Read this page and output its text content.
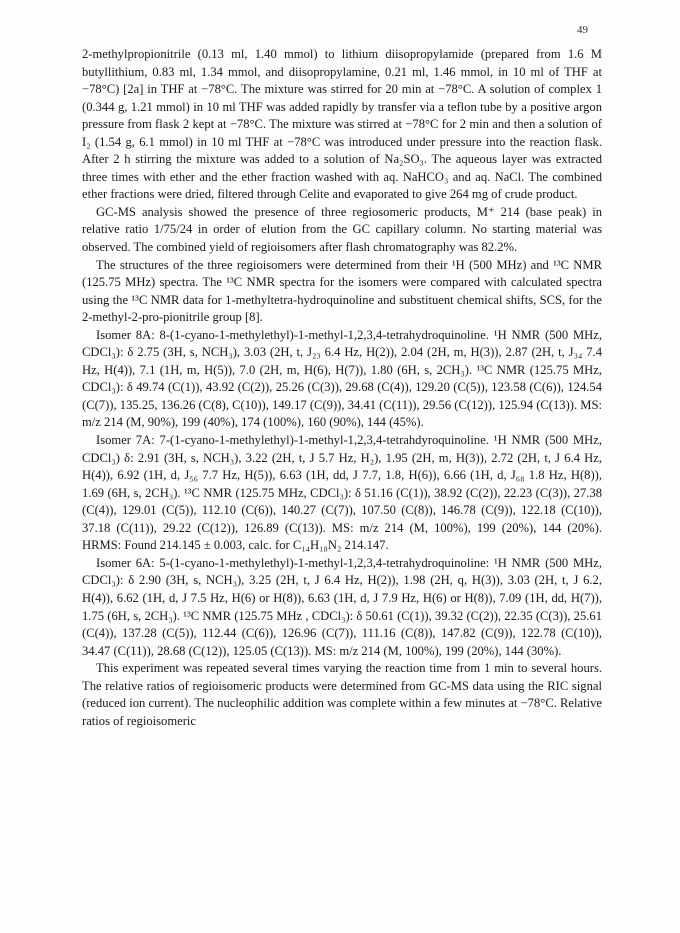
49

2-methylpropionitrile (0.13 ml, 1.40 mmol) to lithium diisopropylamide (prepared from 1.6 M butyllithium, 0.83 ml, 1.34 mmol, and diisopropylamine, 0.21 ml, 1.46 mmol, in 10 ml of THF at −78°C) [2a] in THF at −78°C. The mixture was stirred for 20 min at −78°C. A solution of complex 1 (0.344 g, 1.21 mmol) in 10 ml THF was added rapidly by transfer via a teflon tube by a positive argon pressure from flask 2 kept at −78°C. The mixture was stirred at −78°C for 2 min and then a solution of I₂ (1.54 g, 6.1 mmol) in 10 ml THF at −78°C was introduced under pressure into the reaction flask. After 2 h stirring the mixture was added to a solution of Na₂SO₃. The aqueous layer was extracted three times with ether and the ether fraction washed with aq. NaHCO₃ and aq. NaCl. The combined ether fractions were dried, filtered through Celite and evaporated to give 264 mg of crude product.

GC-MS analysis showed the presence of three regiosomeric products, M⁺ 214 (base peak) in relative ratio 1/75/24 in order of elution from the GC capillary column. No starting material was observed. The combined yield of regioisomers after flash chromatography was 82.2%.

The structures of the three regioisomers were determined from their ¹H (500 MHz) and ¹³C NMR (125.75 MHz) spectra. The ¹³C NMR spectra for the isomers were compared with calculated spectra using the ¹³C NMR data for 1-methyltetra-hydroquinoline and substituent chemical shifts, SCS, for the 2-methyl-2-pro-pionitrile group [8].

Isomer 8A: 8-(1-cyano-1-methylethyl)-1-methyl-1,2,3,4-tetrahydroquinoline. ¹H NMR (500 MHz, CDCl₃): δ 2.75 (3H, s, NCH₃), 3.03 (2H, t, J₂₃ 6.4 Hz, H(2)), 2.04 (2H, m, H(3)), 2.87 (2H, t, J₃₄ 7.4 Hz, H(4)), 7.1 (1H, m, H(5)), 7.0 (2H, m, H(6), H(7)), 1.80 (6H, s, 2CH₃). ¹³C NMR (125.75 MHz, CDCl₃): δ 49.74 (C(1)), 43.92 (C(2)), 25.26 (C(3)), 29.68 (C(4)), 129.20 (C(5)), 123.58 (C(6)), 124.54 (C(7)), 135.25, 136.26 (C(8), C(10)), 149.17 (C(9)), 34.41 (C(11)), 29.56 (C(12)), 125.94 (C(13)). MS: m/z 214 (M, 90%), 199 (40%), 174 (100%), 160 (90%), 144 (45%).

Isomer 7A: 7-(1-cyano-1-methylethyl)-1-methyl-1,2,3,4-tetrahdyroquinoline. ¹H NMR (500 MHz, CDCl₃) δ: 2.91 (3H, s, NCH₃), 3.22 (2H, t, J 5.7 Hz, H₂), 1.95 (2H, m, H(3)), 2.72 (2H, t, J 6.4 Hz, H(4)), 6.92 (1H, d, J₅₆ 7.7 Hz, H(5)), 6.63 (1H, dd, J 7.7, 1.8, H(6)), 6.66 (1H, d, J₆₈ 1.8 Hz, H(8)), 1.69 (6H, s, 2CH₃). ¹³C NMR (125.75 MHz, CDCl₃): δ 51.16 (C(1)), 38.92 (C(2)), 22.23 (C(3)), 27.38 (C(4)), 129.01 (C(5)), 112.10 (C(6)), 140.27 (C(7)), 107.50 (C(8)), 146.78 (C(9)), 122.18 (C(10)), 37.18 (C(11)), 29.22 (C(12)), 126.89 (C(13)). MS: m/z 214 (M, 100%), 199 (20%), 144 (20%). HRMS: Found 214.145 ± 0.003, calc. for C₁₄H₁₈N₂ 214.147.

Isomer 6A: 5-(1-cyano-1-methylethyl)-1-methyl-1,2,3,4-tetrahydroquinoline: ¹H NMR (500 MHz, CDCl₃): δ 2.90 (3H, s, NCH₃), 3.25 (2H, t, J 6.4 Hz, H(2)), 1.98 (2H, q, H(3)), 3.03 (2H, t, J 6.2, H(4)), 6.62 (1H, d, J 7.5 Hz, H(6) or H(8)), 6.63 (1H, d, J 7.9 Hz, H(6) or H(8)), 7.09 (1H, dd, H(7)), 1.75 (6H, s, 2CH₃). ¹³C NMR (125.75 MHz , CDCl₃): δ 50.61 (C(1)), 39.32 (C(2)), 22.35 (C(3)), 25.61 (C(4)), 137.28 (C(5)), 112.44 (C(6)), 126.96 (C(7)), 111.16 (C(8)), 147.82 (C(9)), 122.78 (C(10)), 34.47 (C(11)), 28.68 (C(12)), 125.05 (C(13)). MS: m/z 214 (M, 100%), 199 (20%), 144 (30%).

This experiment was repeated several times varying the reaction time from 1 min to several hours. The relative ratios of regioisomeric products were determined from GC-MS data using the RIC signal (reduced ion current). The nucleophilic addition was complete within a few minutes at −78°C. Relative ratios of regioisomeric
